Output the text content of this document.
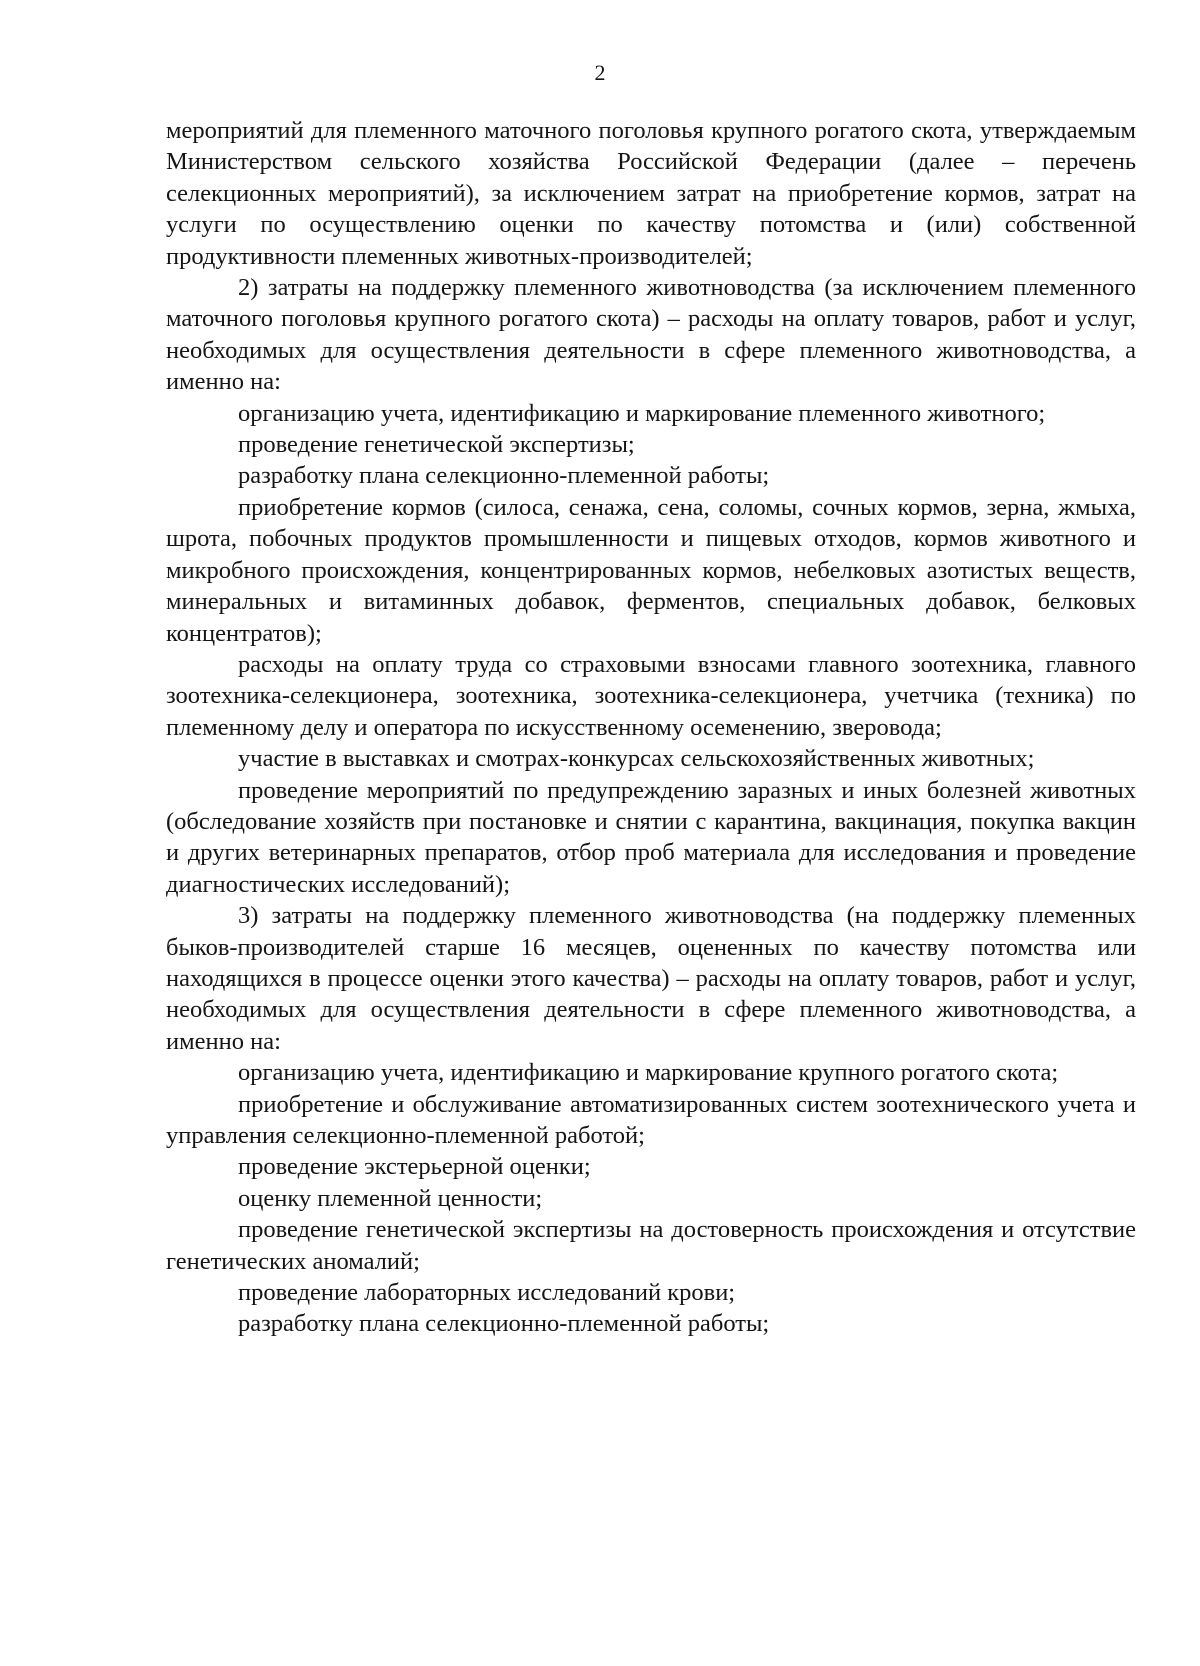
2

мероприятий для племенного маточного поголовья крупного рогатого скота, утверждаемым Министерством сельского хозяйства Российской Федерации (далее – перечень селекционных мероприятий), за исключением затрат на приобретение кормов, затрат на услуги по осуществлению оценки по качеству потомства и (или) собственной продуктивности племенных животных-производителей;

2) затраты на поддержку племенного животноводства (за исключением племенного маточного поголовья крупного рогатого скота) – расходы на оплату товаров, работ и услуг, необходимых для осуществления деятельности в сфере племенного животноводства, а именно на:

организацию учета, идентификацию и маркирование племенного животного;

проведение генетической экспертизы;

разработку плана селекционно-племенной работы;

приобретение кормов (силоса, сенажа, сена, соломы, сочных кормов, зерна, жмыха, шрота, побочных продуктов промышленности и пищевых отходов, кормов животного и микробного происхождения, концентрированных кормов, небелковых азотистых веществ, минеральных и витаминных добавок, ферментов, специальных добавок, белковых концентратов);

расходы на оплату труда со страховыми взносами главного зоотехника, главного зоотехника-селекционера, зоотехника, зоотехника-селекционера, учетчика (техника) по племенному делу и оператора по искусственному осеменению, звероводa;

участие в выставках и смотрах-конкурсах сельскохозяйственных животных;

проведение мероприятий по предупреждению заразных и иных болезней животных (обследование хозяйств при постановке и снятии с карантина, вакцинация, покупка вакцин и других ветеринарных препаратов, отбор проб материала для исследования и проведение диагностических исследований);

3) затраты на поддержку племенного животноводства (на поддержку племенных быков-производителей старше 16 месяцев, оцененных по качеству потомства или находящихся в процессе оценки этого качества) – расходы на оплату товаров, работ и услуг, необходимых для осуществления деятельности в сфере племенного животноводства, а именно на:

организацию учета, идентификацию и маркирование крупного рогатого скота;

приобретение и обслуживание автоматизированных систем зоотехнического учета и управления селекционно-племенной работой;

проведение экстерьерной оценки;

оценку племенной ценности;

проведение генетической экспертизы на достоверность происхождения и отсутствие генетических аномалий;

проведение лабораторных исследований крови;

разработку плана селекционно-племенной работы;
